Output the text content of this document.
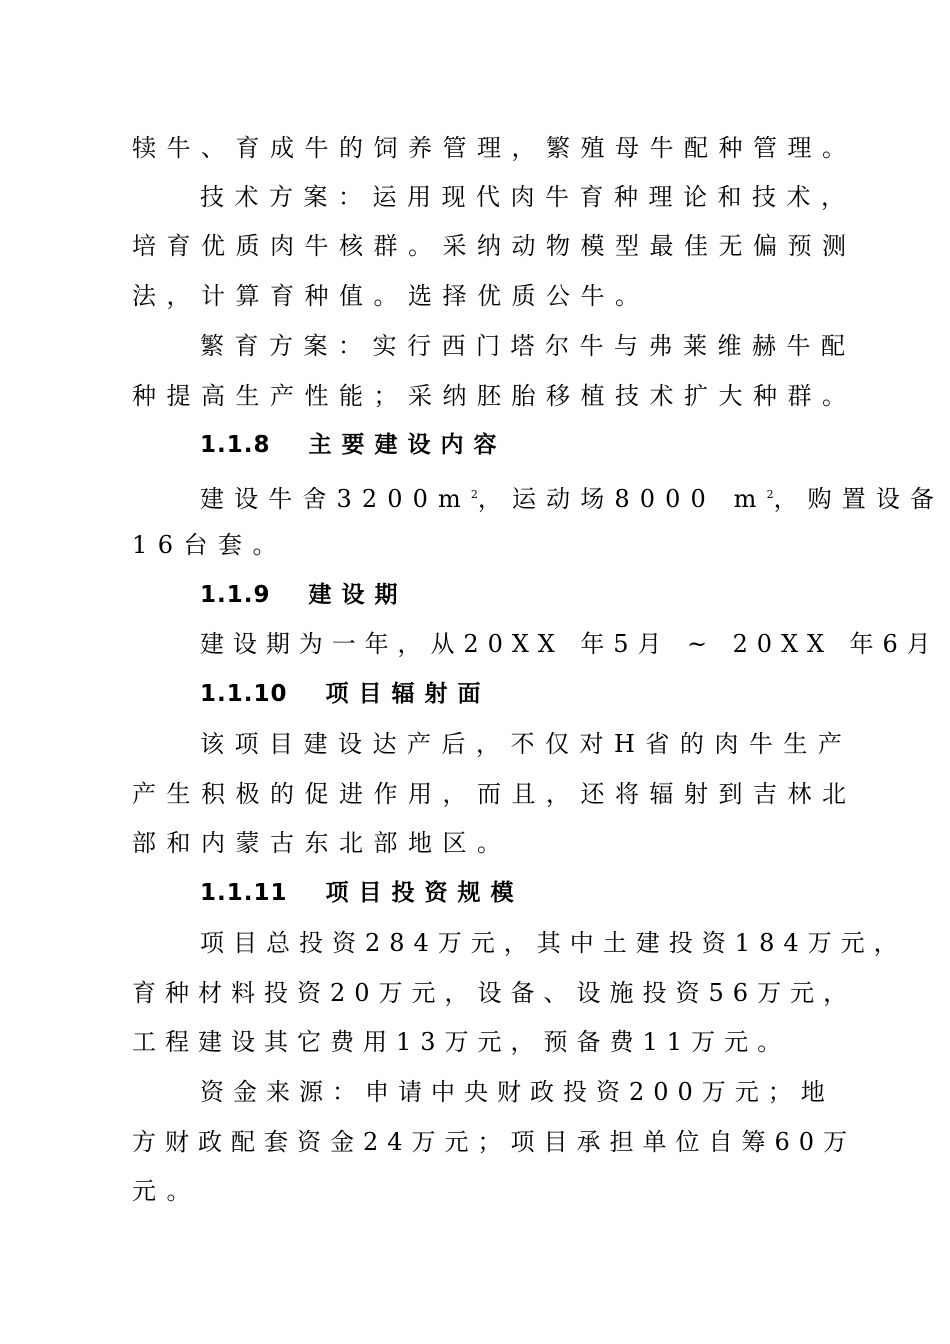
犊牛、育成牛的饲养管理，繁殖母牛配种管理。
技术方案：运用现代肉牛育种理论和技术，
培育优质肉牛核群。采纳动物模型最佳无偏预测
法，计算育种值。选择优质公牛。
繁育方案：实行西门塔尔牛与弗莱维赫牛配
种提高生产性能；采纳胚胎移植技术扩大种群。
1.1.8 主要建设内容
建设牛舍$3200m^2$，运动场8000 $m^2$，购置设备
16台套。
1.1.9 建设期
建设期为一年，从20XX 年5月 ~ 20XX 年6月
1.1.10 项目辐射面
该项目建设达产后，不仅对H省的肉牛生产
产生积极的促进作用，而且，还将辐射到吉林北
部和内蒙古东北部地区。
1.1.11 项目投资规模
项目总投资284万元，其中土建投资184万元，
育种材料投资20万元，设备、设施投资56万元，
工程建设其它费用13万元，预备费11万元。
资金来源：申请中央财政投资200万元；地
方财政配套资金24万元；项目承担单位自筹60万
元。
